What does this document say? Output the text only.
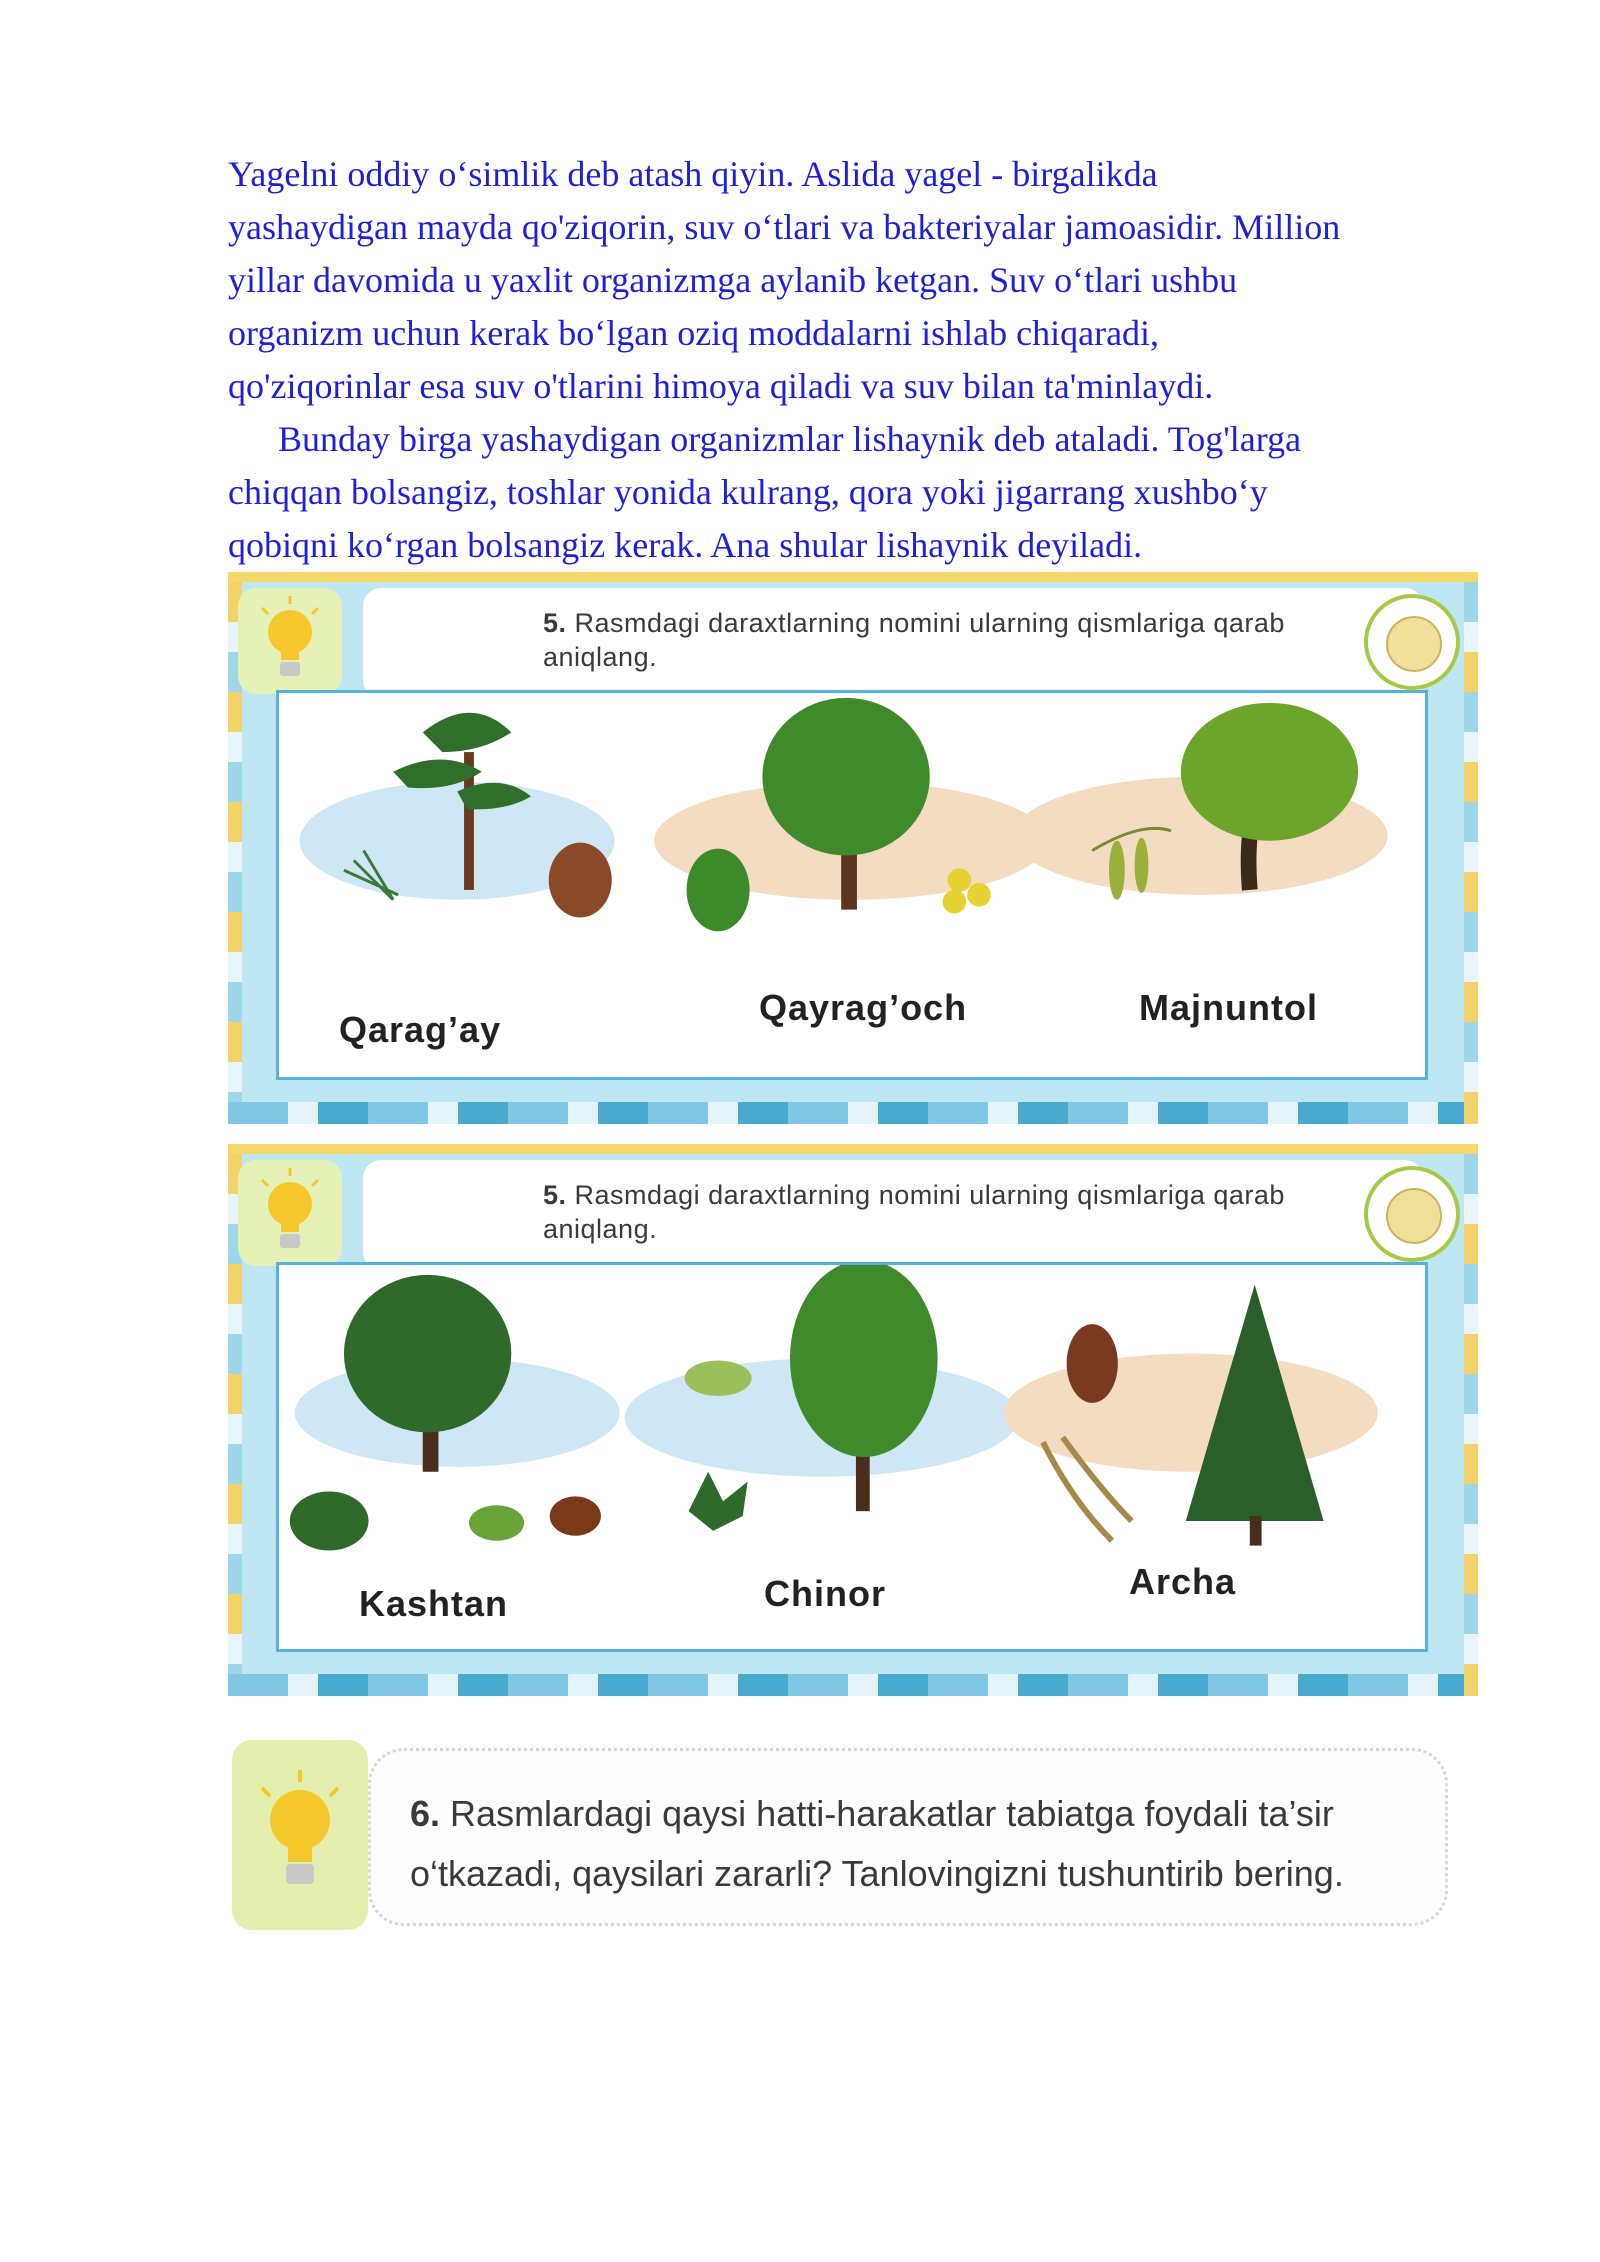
Yagelni oddiy o‘simlik deb atash qiyin. Aslida yagel - birgalikda
yashaydigan mayda qo'ziqorin, suv o‘tlari va bakteriyalar jamoasidir. Million
yillar davomida u yaxlit organizmga aylanib ketgan. Suv o‘tlari ushbu
organizm uchun kerak bo‘lgan oziq moddalarni ishlab chiqaradi,
qo'ziqorinlar esa suv o'tlarini himoya qiladi va suv bilan ta'minlaydi.

Bunday birga yashaydigan organizmlar lishaynik deb ataladi. Tog'larga
chiqqan bolsangiz, toshlar yonida kulrang, qora yoki jigarrang xushbo‘y
qobiqni ko‘rgan bolsangiz kerak. Ana shular lishaynik deyiladi.

5. Rasmdagi daraxtlarning nomini ularning qismlariga qarab
aniqlang.
Qarag’ay
Qayrag’och	Majnuntol
5. Rasmdagi daraxtlarning nomini ularning qismlariga qarab
aniqlang.
Kashtan	Chinor	Archa
6. Rasmlardagi qaysi hatti-harakatlar tabiatga foydali ta’sir
o‘tkazadi, qaysilari zararli? Tanlovingizni tushuntirib bering.
